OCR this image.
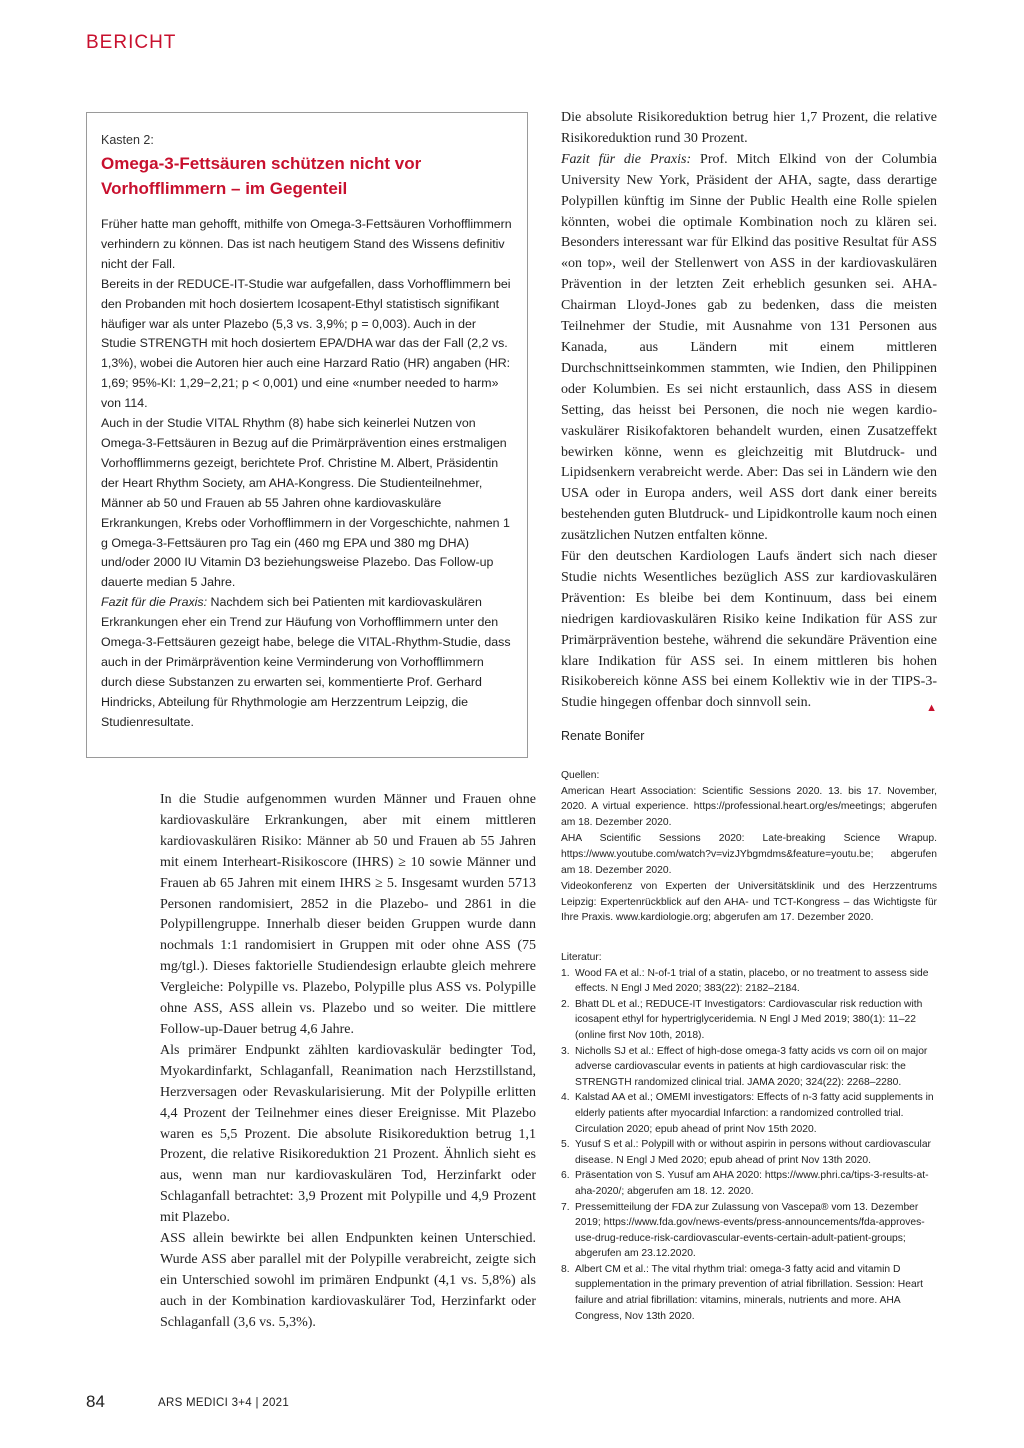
BERICHT
Kasten 2:
Omega-3-Fettsäuren schützen nicht vor
Vorhofflimmern – im Gegenteil

Früher hatte man gehofft, mithilfe von Omega-3-Fettsäuren Vorhofflimmern verhindern zu können. Das ist nach heutigem Stand des Wissens definitiv nicht der Fall.

Bereits in der REDUCE-IT-Studie war aufgefallen, dass Vorhofflimmern bei den Probanden mit hoch dosiertem Icosapent-Ethyl statistisch signifikant häufiger war als unter Plazebo (5,3 vs. 3,9%; p = 0,003). Auch in der Studie STRENGTH mit hoch dosiertem EPA/DHA war das der Fall (2,2 vs. 1,3%), wobei die Autoren hier auch eine Harzard Ratio (HR) angaben (HR: 1,69; 95%-KI: 1,29−2,21; p < 0,001) und eine «number needed to harm» von 114.

Auch in der Studie VITAL Rhythm (8) habe sich keinerlei Nutzen von Omega-3-Fettsäuren in Bezug auf die Primärprävention eines erstmaligen Vorhofflimmerns gezeigt, berichtete Prof. Christine M. Albert, Präsidentin der Heart Rhythm Society, am AHA-Kongress. Die Studienteilnehmer, Männer ab 50 und Frauen ab 55 Jahren ohne kardiovaskuläre Erkrankungen, Krebs oder Vorhofflimmern in der Vorgeschichte, nahmen 1 g Omega-3-Fettsäuren pro Tag ein (460 mg EPA und 380 mg DHA) und/oder 2000 IU Vitamin D3 beziehungsweise Plazebo. Das Follow-up dauerte median 5 Jahre.

Fazit für die Praxis: Nachdem sich bei Patienten mit kardiovaskulären Erkrankungen eher ein Trend zur Häufung von Vorhofflimmern unter den Omega-3-Fettsäuren gezeigt habe, belege die VITAL-Rhythm-Studie, dass auch in der Primärprävention keine Verminderung von Vorhofflimmern durch diese Substanzen zu erwarten sei, kommentierte Prof. Gerhard Hindricks, Abteilung für Rhythmologie am Herzzentrum Leipzig, die Studienresultate.

In die Studie aufgenommen wurden Männer und Frauen ohne kardiovaskuläre Erkrankungen, aber mit einem mittleren kardiovaskulären Risiko: Männer ab 50 und Frauen ab 55 Jahren mit einem Interheart-Risikoscore (IHRS) ≥ 10 sowie Männer und Frauen ab 65 Jahren mit einem IHRS ≥ 5. Insgesamt wurden 5713 Personen randomisiert, 2852 in die Plazebo- und 2861 in die Polypillengruppe. Innerhalb dieser beiden Gruppen wurde dann nochmals 1:1 randomisiert in Gruppen mit oder ohne ASS (75 mg/tgl.). Dieses faktorielle Studiendesign erlaubte gleich mehrere Vergleiche: Polypille vs. Plazebo, Polypille plus ASS vs. Polypille ohne ASS, ASS allein vs. Plazebo und so weiter. Die mittlere Follow-up-Dauer betrug 4,6 Jahre.

Als primärer Endpunkt zählten kardiovaskulär bedingter Tod, Myokardinfarkt, Schlaganfall, Reanimation nach Herzstillstand, Herzversagen oder Revaskularisierung. Mit der Polypille erlitten 4,4 Prozent der Teilnehmer eines dieser Ereignisse. Mit Plazebo waren es 5,5 Prozent. Die absolute Risikoreduktion betrug 1,1 Prozent, die relative Risikoreduktion 21 Prozent. Ähnlich sieht es aus, wenn man nur kardiovaskulären Tod, Herzinfarkt oder Schlaganfall betrachtet: 3,9 Prozent mit Polypille und 4,9 Prozent mit Plazebo.

ASS allein bewirkte bei allen Endpunkten keinen Unterschied. Wurde ASS aber parallel mit der Polypille verabreicht, zeigte sich ein Unterschied sowohl im primären Endpunkt (4,1 vs. 5,8%) als auch in der Kombination kardiovaskulärer Tod, Herzinfarkt oder Schlaganfall (3,6 vs. 5,3%).

Die absolute Risikoreduktion betrug hier 1,7 Prozent, die relative Risikoreduktion rund 30 Prozent.

Fazit für die Praxis: Prof. Mitch Elkind von der Columbia University New York, Präsident der AHA, sagte, dass derartige Polypillen künftig im Sinne der Public Health eine Rolle spielen könnten, wobei die optimale Kombination noch zu klären sei. Besonders interessant war für Elkind das positive Resultat für ASS «on top», weil der Stellenwert von ASS in der kardiovaskulären Prävention in der letzten Zeit erheblich gesunken sei. AHA-Chairman Lloyd-Jones gab zu bedenken, dass die meisten Teilnehmer der Studie, mit Ausnahme von 131 Personen aus Kanada, aus Ländern mit einem mittleren Durchschnittseinkommen stammten, wie Indien, den Philippinen oder Kolumbien. Es sei nicht erstaunlich, dass ASS in diesem Setting, das heisst bei Personen, die noch nie wegen kardiovaskulärer Risikofaktoren behandelt wurden, einen Zusatzeffekt bewirken könne, wenn es gleichzeitig mit Blutdruck- und Lipidsenkern verabreicht werde. Aber: Das sei in Ländern wie den USA oder in Europa anders, weil ASS dort dank einer bereits bestehenden guten Blutdruck- und Lipidkontrolle kaum noch einen zusätzlichen Nutzen entfalten könne.

Für den deutschen Kardiologen Laufs ändert sich nach dieser Studie nichts Wesentliches bezüglich ASS zur kardiovaskulären Prävention: Es bleibe bei dem Kontinuum, dass bei einem niedrigen kardiovaskulären Risiko keine Indikation für ASS zur Primärprävention bestehe, während die sekundäre Prävention eine klare Indikation für ASS sei. In einem mittleren bis hohen Risikobereich könne ASS bei einem Kollektiv wie in der TIPS-3-Studie hingegen offenbar doch sinnvoll sein.	▲

Renate Bonifer
Quellen:

American Heart Association: Scientific Sessions 2020. 13. bis 17. November, 2020. A virtual experience. https://professional.heart.org/es/meetings; abgerufen am 18. Dezember 2020.

AHA Scientific Sessions 2020: Late-breaking Science Wrapup. https://www.youtube.com/watch?v=vizJYbgmdms&feature=youtu.be; abgerufen am 18. Dezember 2020.

Videokonferenz von Experten der Universitätsklinik und des Herzzentrums Leipzig: Expertenrückblick auf den AHA- und TCT-Kongress – das Wichtigste für Ihre Praxis. www.kardiologie.org; abgerufen am 17. Dezember 2020.

Literatur:
1. Wood FA et al.: N-of-1 trial of a statin, placebo, or no treatment to assess side effects. N Engl J Med 2020; 383(22): 2182–2184.
2. Bhatt DL et al.; REDUCE-IT Investigators: Cardiovascular risk reduction with icosapent ethyl for hypertriglyceridemia. N Engl J Med 2019; 380(1): 11–22 (online first Nov 10th, 2018).
3. Nicholls SJ et al.: Effect of high-dose omega-3 fatty acids vs corn oil on major adverse cardiovascular events in patients at high cardiovascular risk: the STRENGTH randomized clinical trial. JAMA 2020; 324(22): 2268–2280.
4. Kalstad AA et al.; OMEMI investigators: Effects of n-3 fatty acid supplements in elderly patients after myocardial Infarction: a randomized controlled trial. Circulation 2020; epub ahead of print Nov 15th 2020.
5. Yusuf S et al.: Polypill with or without aspirin in persons without cardiovascular disease. N Engl J Med 2020; epub ahead of print Nov 13th 2020.
6. Präsentation von S. Yusuf am AHA 2020: https://www.phri.ca/tips-3-results-at-aha-2020/; abgerufen am 18. 12. 2020.
7. Pressemitteilung der FDA zur Zulassung von Vascepa® vom 13. Dezember 2019; https://www.fda.gov/news-events/press-announcements/fda-approves-use-drug-reduce-risk-cardiovascular-events-certain-adult-patient-groups; abgerufen am 23.12.2020.
8. Albert CM et al.: The vital rhythm trial: omega-3 fatty acid and vitamin D supplementation in the primary prevention of atrial fibrillation. Session: Heart failure and atrial fibrillation: vitamins, minerals, nutrients and more. AHA Congress, Nov 13th 2020.
84	ARS MEDICI 3+4 | 2021
